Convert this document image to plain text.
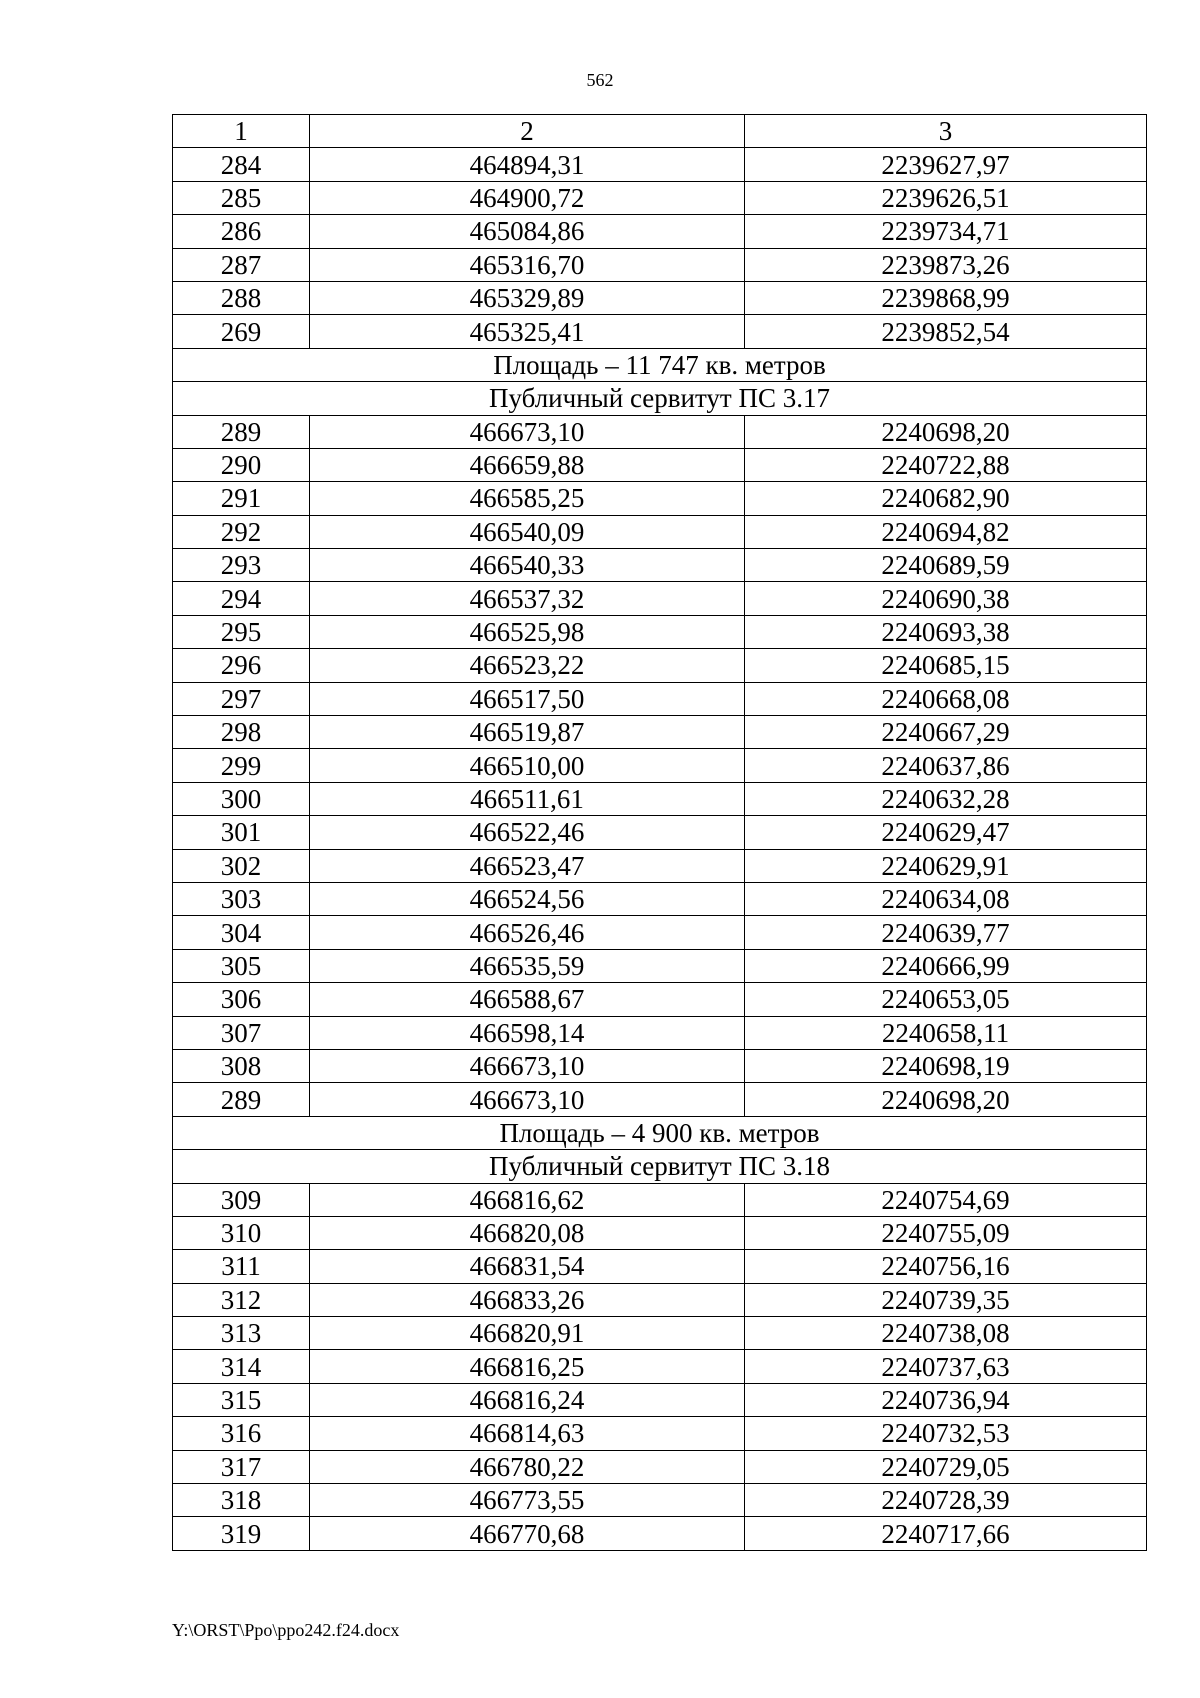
562
1	2	3
284	464894,31	2239627,97
285	464900,72	2239626,51
286	465084,86	2239734,71
287	465316,70	2239873,26
288	465329,89	2239868,99
269	465325,41	2239852,54
Площадь – 11 747 кв. метров		
Публичный сервитут ПС 3.17		
289	466673,10	2240698,20
290	466659,88	2240722,88
291	466585,25	2240682,90
292	466540,09	2240694,82
293	466540,33	2240689,59
294	466537,32	2240690,38
295	466525,98	2240693,38
296	466523,22	2240685,15
297	466517,50	2240668,08
298	466519,87	2240667,29
299	466510,00	2240637,86
300	466511,61	2240632,28
301	466522,46	2240629,47
302	466523,47	2240629,91
303	466524,56	2240634,08
304	466526,46	2240639,77
305	466535,59	2240666,99
306	466588,67	2240653,05
307	466598,14	2240658,11
308	466673,10	2240698,19
289	466673,10	2240698,20
Площадь – 4 900 кв. метров		
Публичный сервитут ПС 3.18		
309	466816,62	2240754,69
310	466820,08	2240755,09
311	466831,54	2240756,16
312	466833,26	2240739,35
313	466820,91	2240738,08
314	466816,25	2240737,63
315	466816,24	2240736,94
316	466814,63	2240732,53
317	466780,22	2240729,05
318	466773,55	2240728,39
319	466770,68	2240717,66
Y:\ORST\Ppo\ppo242.f24.docx
